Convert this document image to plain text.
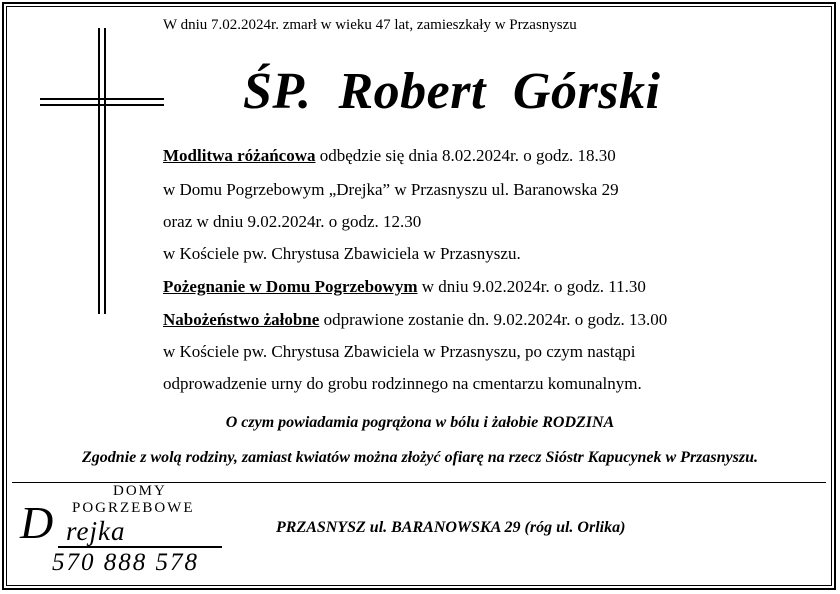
W dniu 7.02.2024r. zmarł w wieku 47 lat, zamieszkały w Przasnyszu
ŚP.  Robert  Górski
Modlitwa różańcowa odbędzie się dnia 8.02.2024r. o godz. 18.30
w Domu Pogrzebowym „Drejka” w Przasnyszu ul. Baranowska 29
oraz w dniu 9.02.2024r. o godz. 12.30
w Kościele pw. Chrystusa Zbawiciela w Przasnyszu.
Pożegnanie w Domu Pogrzebowym w dniu 9.02.2024r. o godz. 11.30
Nabożeństwo żałobne odprawione zostanie dn. 9.02.2024r. o godz. 13.00
w Kościele pw. Chrystusa Zbawiciela w Przasnyszu, po czym nastąpi
odprowadzenie urny do grobu rodzinnego na cmentarzu komunalnym.
O czym powiadamia pogrążona w bólu i żałobie RODZINA
Zgodnie z wolą rodziny, zamiast kwiatów można złożyć ofiarę na rzecz Sióstr Kapucynek w Przasnyszu.
DOMY
POGRZEBOWE
D rejka
570 888 578
PRZASNYSZ ul. BARANOWSKA 29 (róg ul. Orlika)
